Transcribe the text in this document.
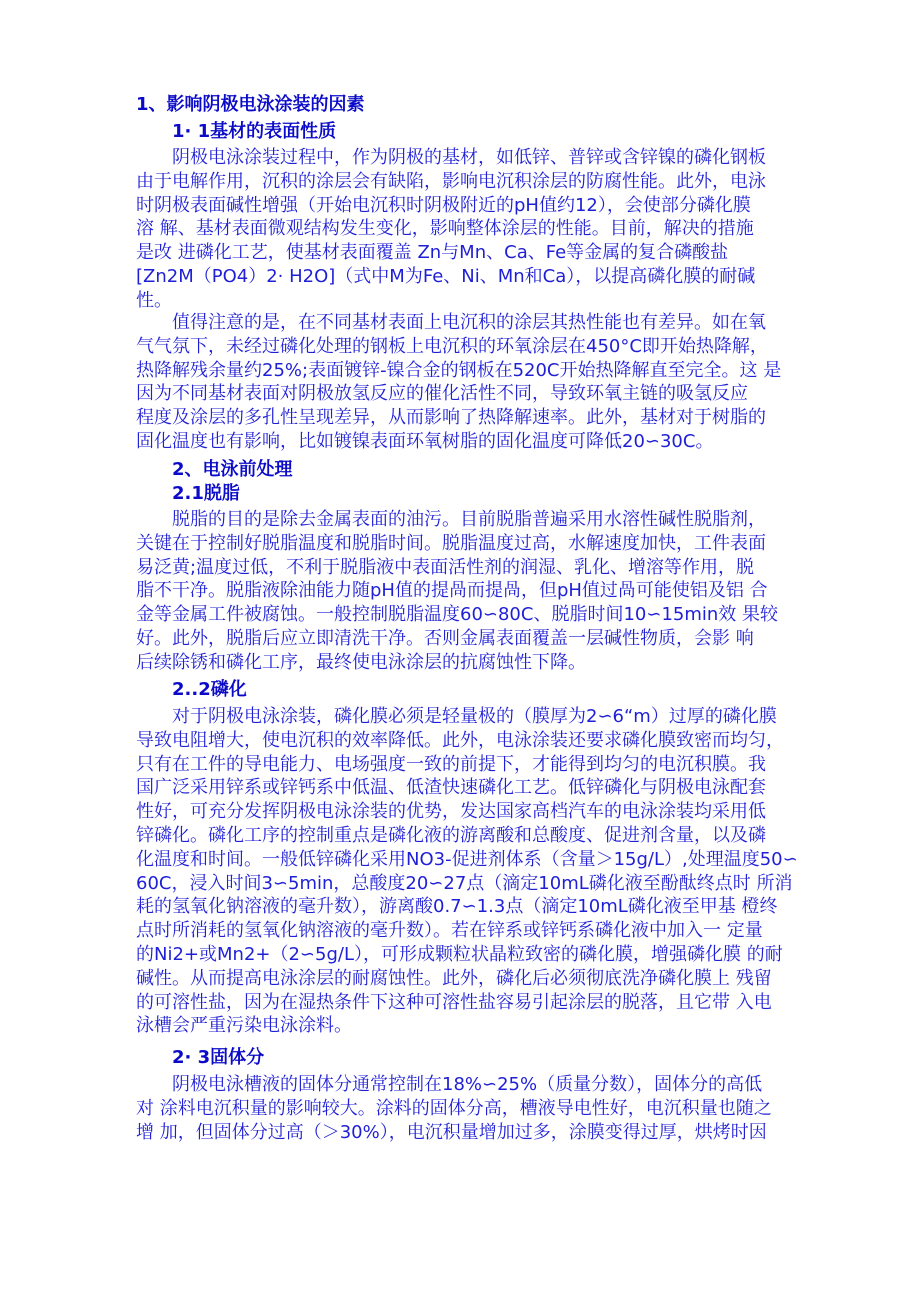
1、影响阴极电泳涂装的因素
1· 1基材的表面性质
阴极电泳涂装过程中，作为阴极的基材，如低锌、普锌或含锌镍的磷化钢板
由于电解作用，沉积的涂层会有缺陷，影响电沉积涂层的防腐性能。此外，电泳
时阴极表面碱性增强（开始电沉积时阴极附近的pH值约12），会使部分磷化膜
溶 解、基材表面微观结构发生变化，影响整体涂层的性能。目前，解决的措施
是改 进磷化工艺，使基材表面覆盖 Zn与Mn、Ca、Fe等金属的复合磷酸盐
[Zn2M（PO4）2· H2O]（式中M为Fe、Ni、Mn和Ca），以提高磷化膜的耐碱
性。
值得注意的是，在不同基材表面上电沉积的涂层其热性能也有差异。如在氧
气气氛下，未经过磷化处理的钢板上电沉积的环氧涂层在450°C即开始热降解，
热降解残余量约25%;表面镀锌-镍合金的钢板在520C开始热降解直至完全。这 是
因为不同基材表面对阴极放氢反应的催化活性不同，导致环氧主链的吸氢反应
程度及涂层的多孔性呈现差异，从而影响了热降解速率。此外，基材对于树脂的
固化温度也有影响，比如镀镍表面环氧树脂的固化温度可降低20∽30C。
2、电泳前处理
2.1脱脂
脱脂的目的是除去金属表面的油污。目前脱脂普遍采用水溶性碱性脱脂剂，
关键在于控制好脱脂温度和脱脂时间。脱脂温度过高，水解速度加快，工件表面
易泛黄;温度过低，不利于脱脂液中表面活性剂的润湿、乳化、增溶等作用，脱
脂不干净。脱脂液除油能力随pH值的提咼而提咼，但pH值过咼可能使铝及铝 合
金等金属工件被腐蚀。一般控制脱脂温度60∽80C、脱脂时间10∽15min效 果较
好。此外，脱脂后应立即清洗干净。否则金属表面覆盖一层碱性物质，会影 响
后续除锈和磷化工序，最终使电泳涂层的抗腐蚀性下降。
2..2磷化
对于阴极电泳涂装，磷化膜必须是轻量极的（膜厚为2∽6“m）过厚的磷化膜
导致电阻增大，使电沉积的效率降低。此外，电泳涂装还要求磷化膜致密而均匀，
只有在工件的导电能力、电场强度一致的前提下，才能得到均匀的电沉积膜。我
国广泛采用锌系或锌钙系中低温、低渣快速磷化工艺。低锌磷化与阴极电泳配套
性好，可充分发挥阴极电泳涂装的优势，发达国家高档汽车的电泳涂装均采用低
锌磷化。磷化工序的控制重点是磷化液的游离酸和总酸度、促进剂含量，以及磷
化温度和时间。一般低锌磷化采用NO3-促进剂体系（含量＞15g/L）,处理温度50∽
60C，浸入时间3∽5min，总酸度20∽27点（滴定10mL磷化液至酚酞终点时 所消
耗的氢氧化钠溶液的毫升数），游离酸0.7∽1.3点（滴定10mL磷化液至甲基 橙终
点时所消耗的氢氧化钠溶液的毫升数）。若在锌系或锌钙系磷化液中加入一 定量
的Ni2+或Mn2+（2∽5g/L），可形成颗粒状晶粒致密的磷化膜，增强磷化膜 的耐
碱性。从而提高电泳涂层的耐腐蚀性。此外，磷化后必须彻底洗净磷化膜上 残留
的可溶性盐，因为在湿热条件下这种可溶性盐容易引起涂层的脱落，且它带 入电
泳槽会严重污染电泳涂料。
2· 3固体分
阴极电泳槽液的固体分通常控制在18%∽25%（质量分数），固体分的高低
对 涂料电沉积量的影响较大。涂料的固体分高，槽液导电性好，电沉积量也随之
增 加，但固体分过高（＞30%），电沉积量增加过多，涂膜变得过厚，烘烤时因
